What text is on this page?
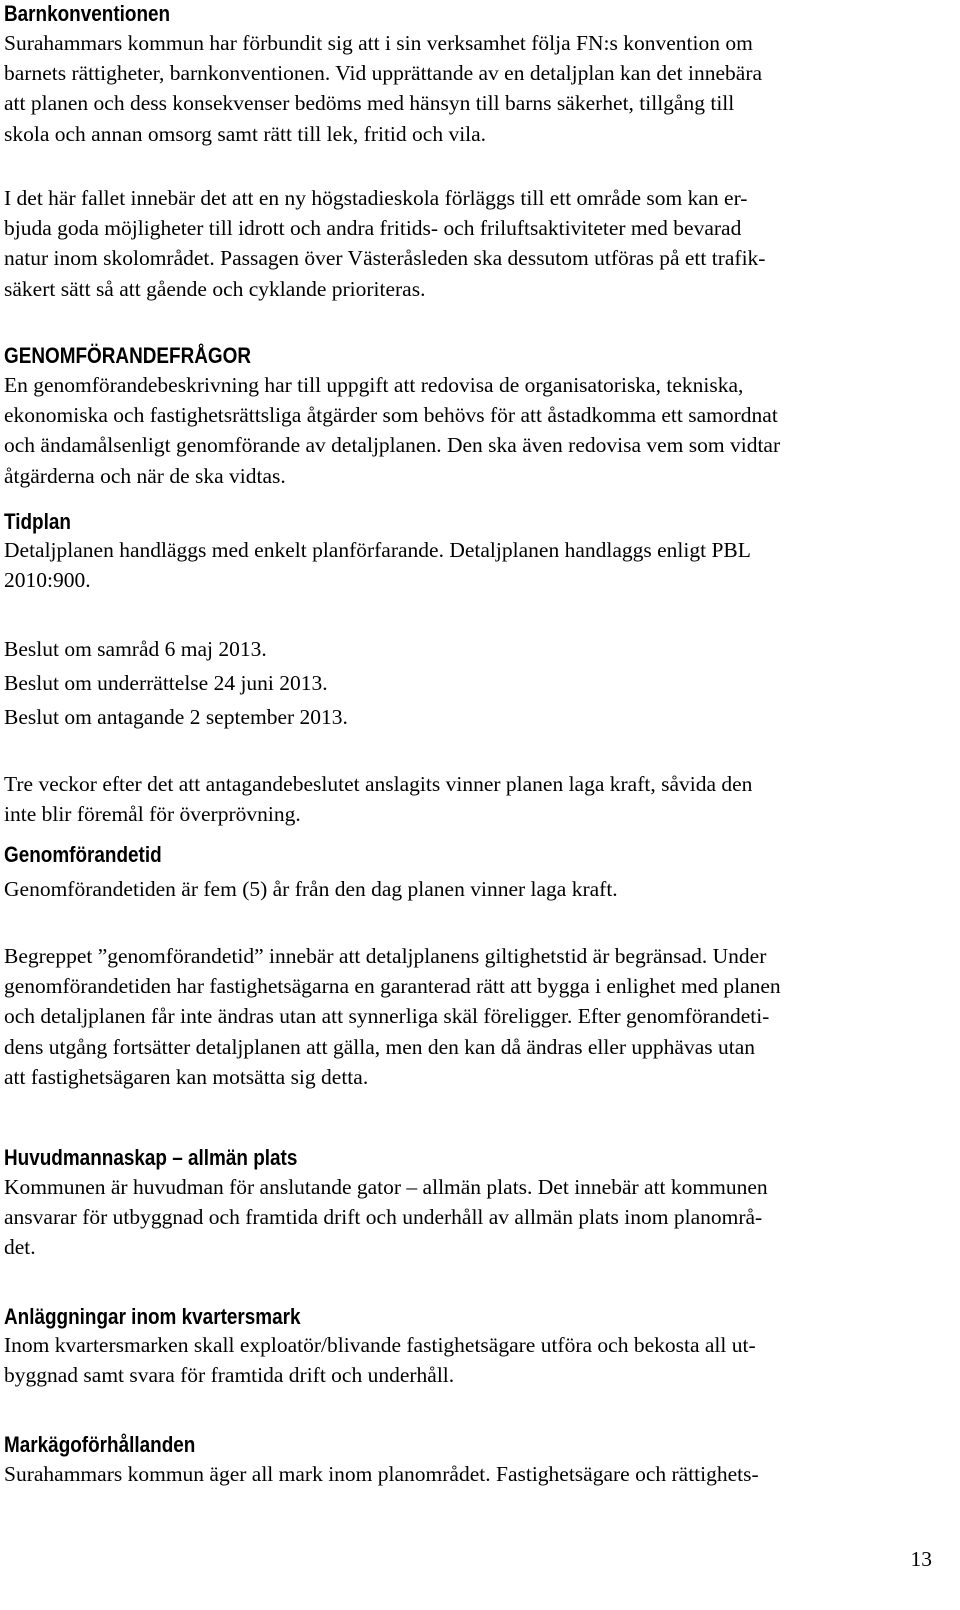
Barnkonventionen
Surahammars kommun har förbundit sig att i sin verksamhet följa FN:s konvention om
barnets rättigheter, barnkonventionen. Vid upprättande av en detaljplan kan det innebära
att planen och dess konsekvenser bedöms med hänsyn till barns säkerhet, tillgång till
skola och annan omsorg samt rätt till lek, fritid och vila.
I det här fallet innebär det att en ny högstadieskola förläggs till ett område som kan er-
bjuda goda möjligheter till idrott och andra fritids- och friluftsaktiviteter med bevarad
natur inom skolområdet. Passagen över Västeråsleden ska dessutom utföras på ett trafik-
säkert sätt så att gående och cyklande prioriteras.
GENOMFÖRANDEFRÅGOR
En genomförandebeskrivning har till uppgift att redovisa de organisatoriska, tekniska,
ekonomiska och fastighetsrättsliga åtgärder som behövs för att åstadkomma ett samordnat
och ändamålsenligt genomförande av detaljplanen. Den ska även redovisa vem som vidtar
åtgärderna och när de ska vidtas.
Tidplan
Detaljplanen handläggs med enkelt planförfarande. Detaljplanen handlaggs enligt PBL
2010:900.
Beslut om samråd 6 maj 2013.
Beslut om underrättelse 24 juni 2013.
Beslut om antagande 2 september 2013.
Tre veckor efter det att antagandebeslutet anslagits vinner planen laga kraft, såvida den
inte blir föremål för överprövning.
Genomförandetid
Genomförandetiden är fem (5) år från den dag planen vinner laga kraft.
Begreppet ”genomförandetid” innebär att detaljplanens giltighetstid är begränsad. Under
genomförandetiden har fastighetsägarna en garanterad rätt att bygga i enlighet med planen
och detaljplanen får inte ändras utan att synnerliga skäl föreligger. Efter genomförandeti-
dens utgång fortsätter detaljplanen att gälla, men den kan då ändras eller upphävas utan
att fastighetsägaren kan motsätta sig detta.
Huvudmannaskap – allmän plats
Kommunen är huvudman för anslutande gator – allmän plats. Det innebär att kommunen
ansvarar för utbyggnad och framtida drift och underhåll av allmän plats inom planområ-
det.
Anläggningar inom kvartersmark
Inom kvartersmarken skall exploatör/blivande fastighetsägare utföra och bekosta all ut-
byggnad samt svara för framtida drift och underhåll.
Markägoförhållanden
Surahammars kommun äger all mark inom planområdet. Fastighetsägare och rättighets-
13
